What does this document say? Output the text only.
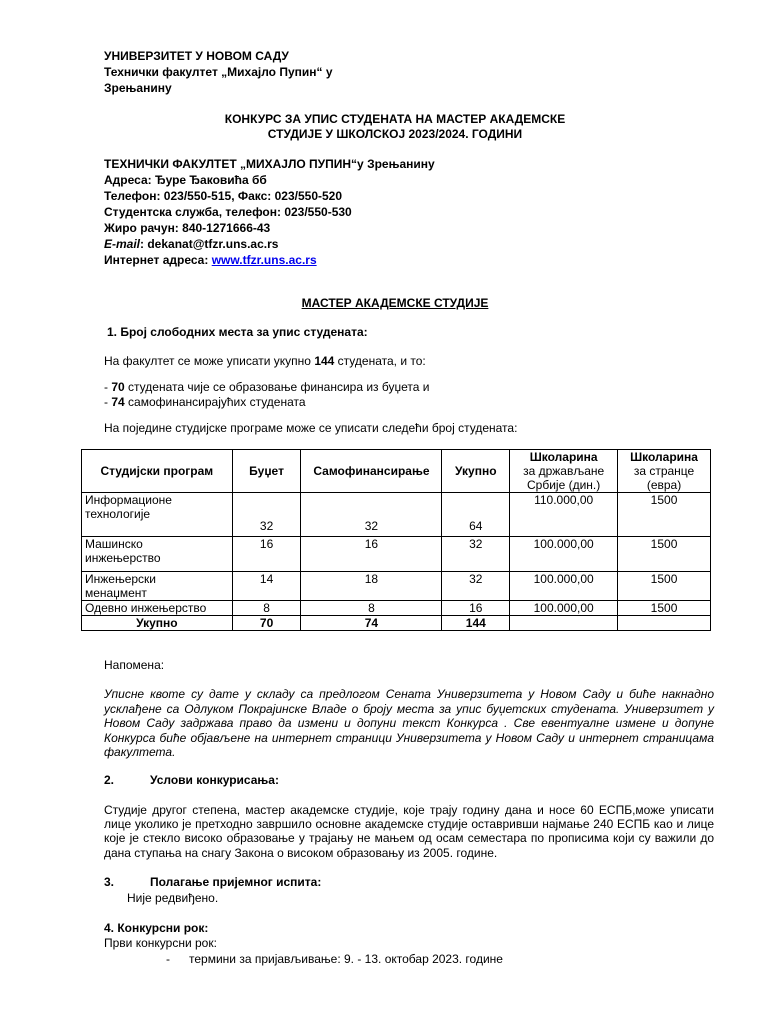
УНИВЕРЗИТЕТ У НОВОМ САДУ
Технички факултет „Михајло Пупин“ у
Зрењанину
КОНКУРС ЗА УПИС СТУДЕНАТА НА МАСТЕР АКАДЕМСКЕ
СТУДИЈЕ У ШКОЛСКОЈ 2023/2024. ГОДИНИ
ТЕХНИЧКИ ФАКУЛТЕТ „МИХАЈЛО ПУПИН“у Зрењанину
Адреса: Ђуре Ђаковића бб
Телефон: 023/550-515, Факс: 023/550-520
Студентска служба, телефон: 023/550-530
Жиро рачун: 840-1271666-43
E-mail: dekanat@tfzr.uns.ac.rs
Интернет адреса: www.tfzr.uns.ac.rs
МАСТЕР АКАДЕМСКЕ СТУДИЈЕ
1. Број слободних места за упис студената:
На факултет се може уписати укупно 144 студената, и то:
- 70 студената чије се образовање финансира из буџета и
- 74 самофинансирајућих студената
На поједине студијске програме може се уписати следећи број студената:
Студијски програм	Буџет	Самофинансирање	Укупно	Школарина
за држављане
Србије (дин.)	Школарина
за странце
(евра)

Информационе
технологије	32	32	64	110.000,00	1500

Машинско
инжењерство	16	16	32	100.000,00	1500

Инжењерски
менаџмент	14	18	32	100.000,00	1500

Одевно инжењерство	8	8	16	100.000,00	1500
Укупно	70	74	144		
Напомена:
Уписне квоте су дате у складу са предлогом Сената Универзитета у Новом Саду и биће накнадно усклађене са Одлуком Покрајинске Владе о броју места за упис буџетских студената. Универзитет у Новом Саду задржава право да измени и допуни текст Конкурса . Све евентуалне измене и допуне Конкурса биће објављене на интернет страници Универзитета у Новом Саду и интернет страницама факултета.
2.	Услови конкурисања:
Студије другог степена, мастер академске студије, које трају годину дана и носе 60 ЕСПБ,може уписати лице уколико је претходно завршило основне академске студије оставривши најмање 240 ЕСПБ као и лице које је стекло високо образовање у трајању не мањем од осам семестара по прописима који су важили до дана ступања на снагу Закона о високом образовању из 2005. године.
3.	Полагање пријемног испита:
Није редвиђено.
4. Конкурсни рок:
Први конкурсни рок:
- термини за пријављивање: 9. - 13. октобар 2023. године
